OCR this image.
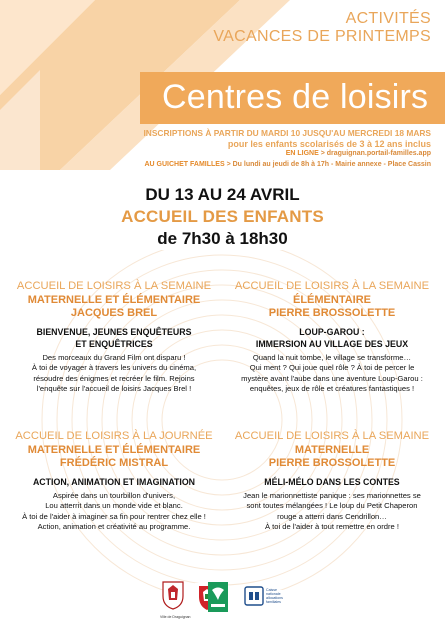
ACTIVITÉS
VACANCES DE PRINTEMPS
Centres de loisirs
INSCRIPTIONS À PARTIR DU MARDI 10 JUSQU'AU MERCREDI 18 MARS
pour les enfants scolarisés de 3 à 12 ans inclus
EN LIGNE > draguignan.portail-familles.app
AU GUICHET FAMILLES > Du lundi au jeudi de 8h à 17h - Mairie annexe - Place Cassin
DU 13 AU 24 AVRIL
ACCUEIL DES ENFANTS
de 7h30 à 18h30
ACCUEIL DE LOISIRS À LA SEMAINE
MATERNELLE ET ÉLÉMENTAIRE
JACQUES BREL
BIENVENUE, JEUNES ENQUÊTEURS
ET ENQUÊTRICES
Des morceaux du Grand Film ont disparu !
À toi de voyager à travers les univers du cinéma,
résoudre des énigmes et recréer le film. Rejoins
l'enquête sur l'accueil de loisirs Jacques Brel !
ACCUEIL DE LOISIRS À LA SEMAINE
ÉLÉMENTAIRE
PIERRE BROSSOLETTE
LOUP-GAROU :
IMMERSION AU VILLAGE DES JEUX
Quand la nuit tombe, le village se transforme…
Qui ment ? Qui joue quel rôle ? À toi de percer le
mystère avant l'aube dans une aventure Loup-Garou :
enquêtes, jeux de rôle et créatures fantastiques !
ACCUEIL DE LOISIRS À LA JOURNÉE
MATERNELLE ET ÉLÉMENTAIRE
FRÉDÉRIC MISTRAL
ACTION, ANIMATION ET IMAGINATION
Aspirée dans un tourbillon d'univers,
Lou atterrit dans un monde vide et blanc.
À toi de l'aider à imaginer sa fin pour rentrer chez elle !
Action, animation et créativité au programme.
ACCUEIL DE LOISIRS À LA SEMAINE
MATERNELLE
PIERRE BROSSOLETTE
MÉLI-MÉLO DANS LES CONTES
Jean le marionnettiste panique : ses marionnettes se
sont toutes mélangées ! Le loup du Petit Chaperon
rouge a atterri dans Cendrillon…
À toi de l'aider à tout remettre en ordre !
Ville de Draguignan
Caisse nationale allocations familiales
